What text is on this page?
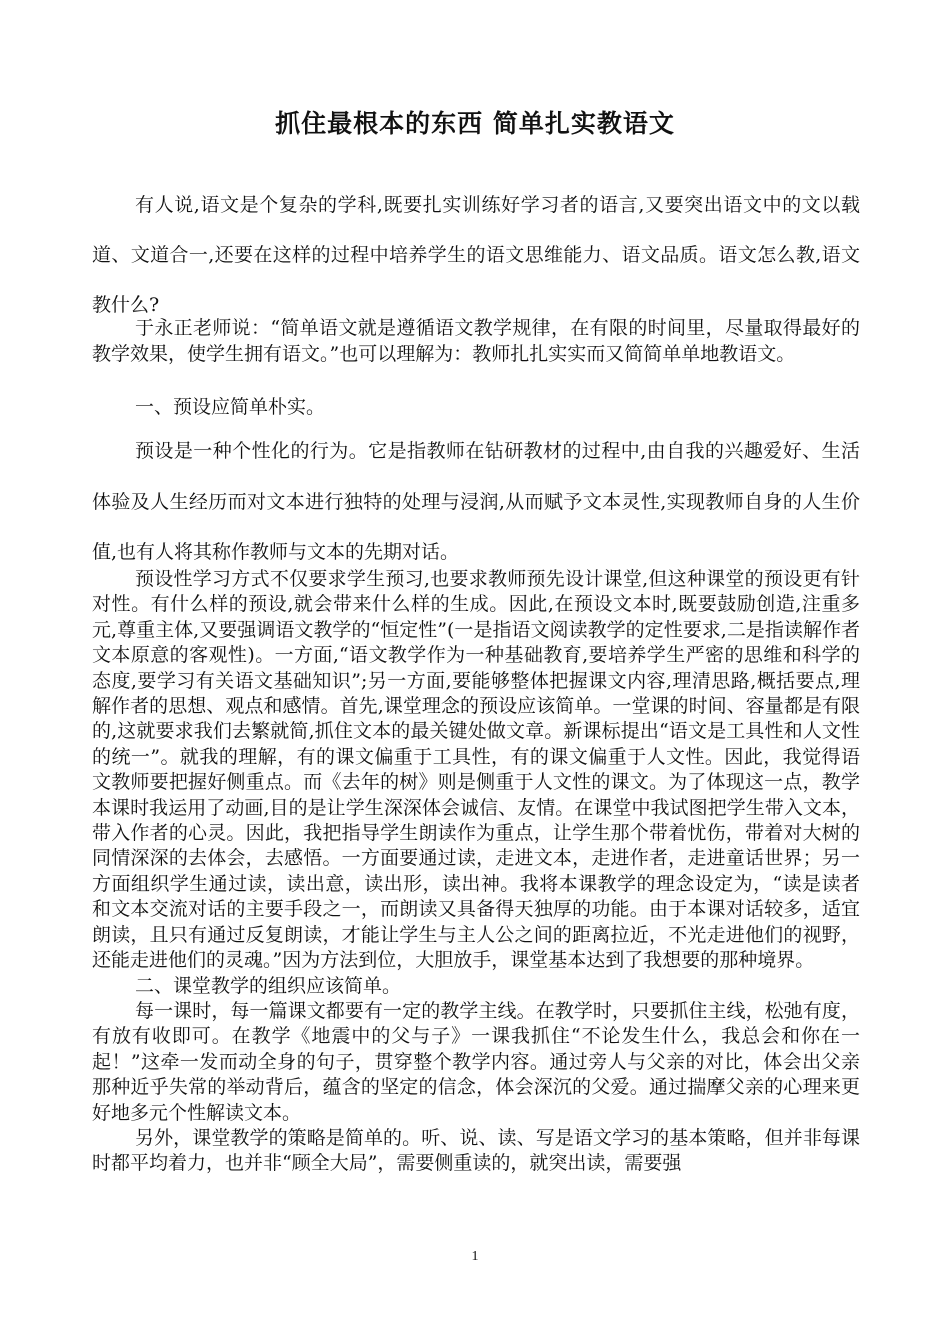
抓住最根本的东西 简单扎实教语文

有人说,语文是个复杂的学科,既要扎实训练好学习者的语言,又要突出语文中的文以载道、文道合一,还要在这样的过程中培养学生的语文思维能力、语文品质。语文怎么教,语文教什么?

于永正老师说：“简单语文就是遵循语文教学规律，在有限的时间里，尽量取得最好的教学效果，使学生拥有语文。”也可以理解为：教师扎扎实实而又简简单单地教语文。

一、预设应简单朴实。

预设是一种个性化的行为。它是指教师在钻研教材的过程中,由自我的兴趣爱好、生活体验及人生经历而对文本进行独特的处理与浸润,从而赋予文本灵性,实现教师自身的人生价值,也有人将其称作教师与文本的先期对话。

预设性学习方式不仅要求学生预习,也要求教师预先设计课堂,但这种课堂的预设更有针对性。有什么样的预设,就会带来什么样的生成。因此,在预设文本时,既要鼓励创造,注重多元,尊重主体,又要强调语文教学的“恒定性”(一是指语文阅读教学的定性要求,二是指读解作者文本原意的客观性)。一方面,“语文教学作为一种基础教育,要培养学生严密的思维和科学的态度,要学习有关语文基础知识”;另一方面,要能够整体把握课文内容,理清思路,概括要点,理解作者的思想、观点和感情。首先,课堂理念的预设应该简单。一堂课的时间、容量都是有限的,这就要求我们去繁就简,抓住文本的最关键处做文章。新课标提出“语文是工具性和人文性的统一”。就我的理解，有的课文偏重于工具性，有的课文偏重于人文性。因此，我觉得语文教师要把握好侧重点。而《去年的树》则是侧重于人文性的课文。为了体现这一点，教学本课时我运用了动画,目的是让学生深深体会诚信、友情。在课堂中我试图把学生带入文本，带入作者的心灵。因此，我把指导学生朗读作为重点，让学生那个带着忧伤，带着对大树的同情深深的去体会，去感悟。一方面要通过读，走进文本，走进作者，走进童话世界；另一方面组织学生通过读，读出意，读出形，读出神。我将本课教学的理念设定为，“读是读者和文本交流对话的主要手段之一，而朗读又具备得天独厚的功能。由于本课对话较多，适宜朗读，且只有通过反复朗读，才能让学生与主人公之间的距离拉近，不光走进他们的视野，还能走进他们的灵魂。”因为方法到位，大胆放手，课堂基本达到了我想要的那种境界。

二、课堂教学的组织应该简单。

每一课时，每一篇课文都要有一定的教学主线。在教学时，只要抓住主线，松弛有度，有放有收即可。在教学《地震中的父与子》一课我抓住“不论发生什么，我总会和你在一起！”这牵一发而动全身的句子，贯穿整个教学内容。通过旁人与父亲的对比，体会出父亲那种近乎失常的举动背后，蕴含的坚定的信念，体会深沉的父爱。通过揣摩父亲的心理来更好地多元个性解读文本。

另外，课堂教学的策略是简单的。听、说、读、写是语文学习的基本策略，但并非每课时都平均着力，也并非“顾全大局”，需要侧重读的，就突出读，需要强

1
